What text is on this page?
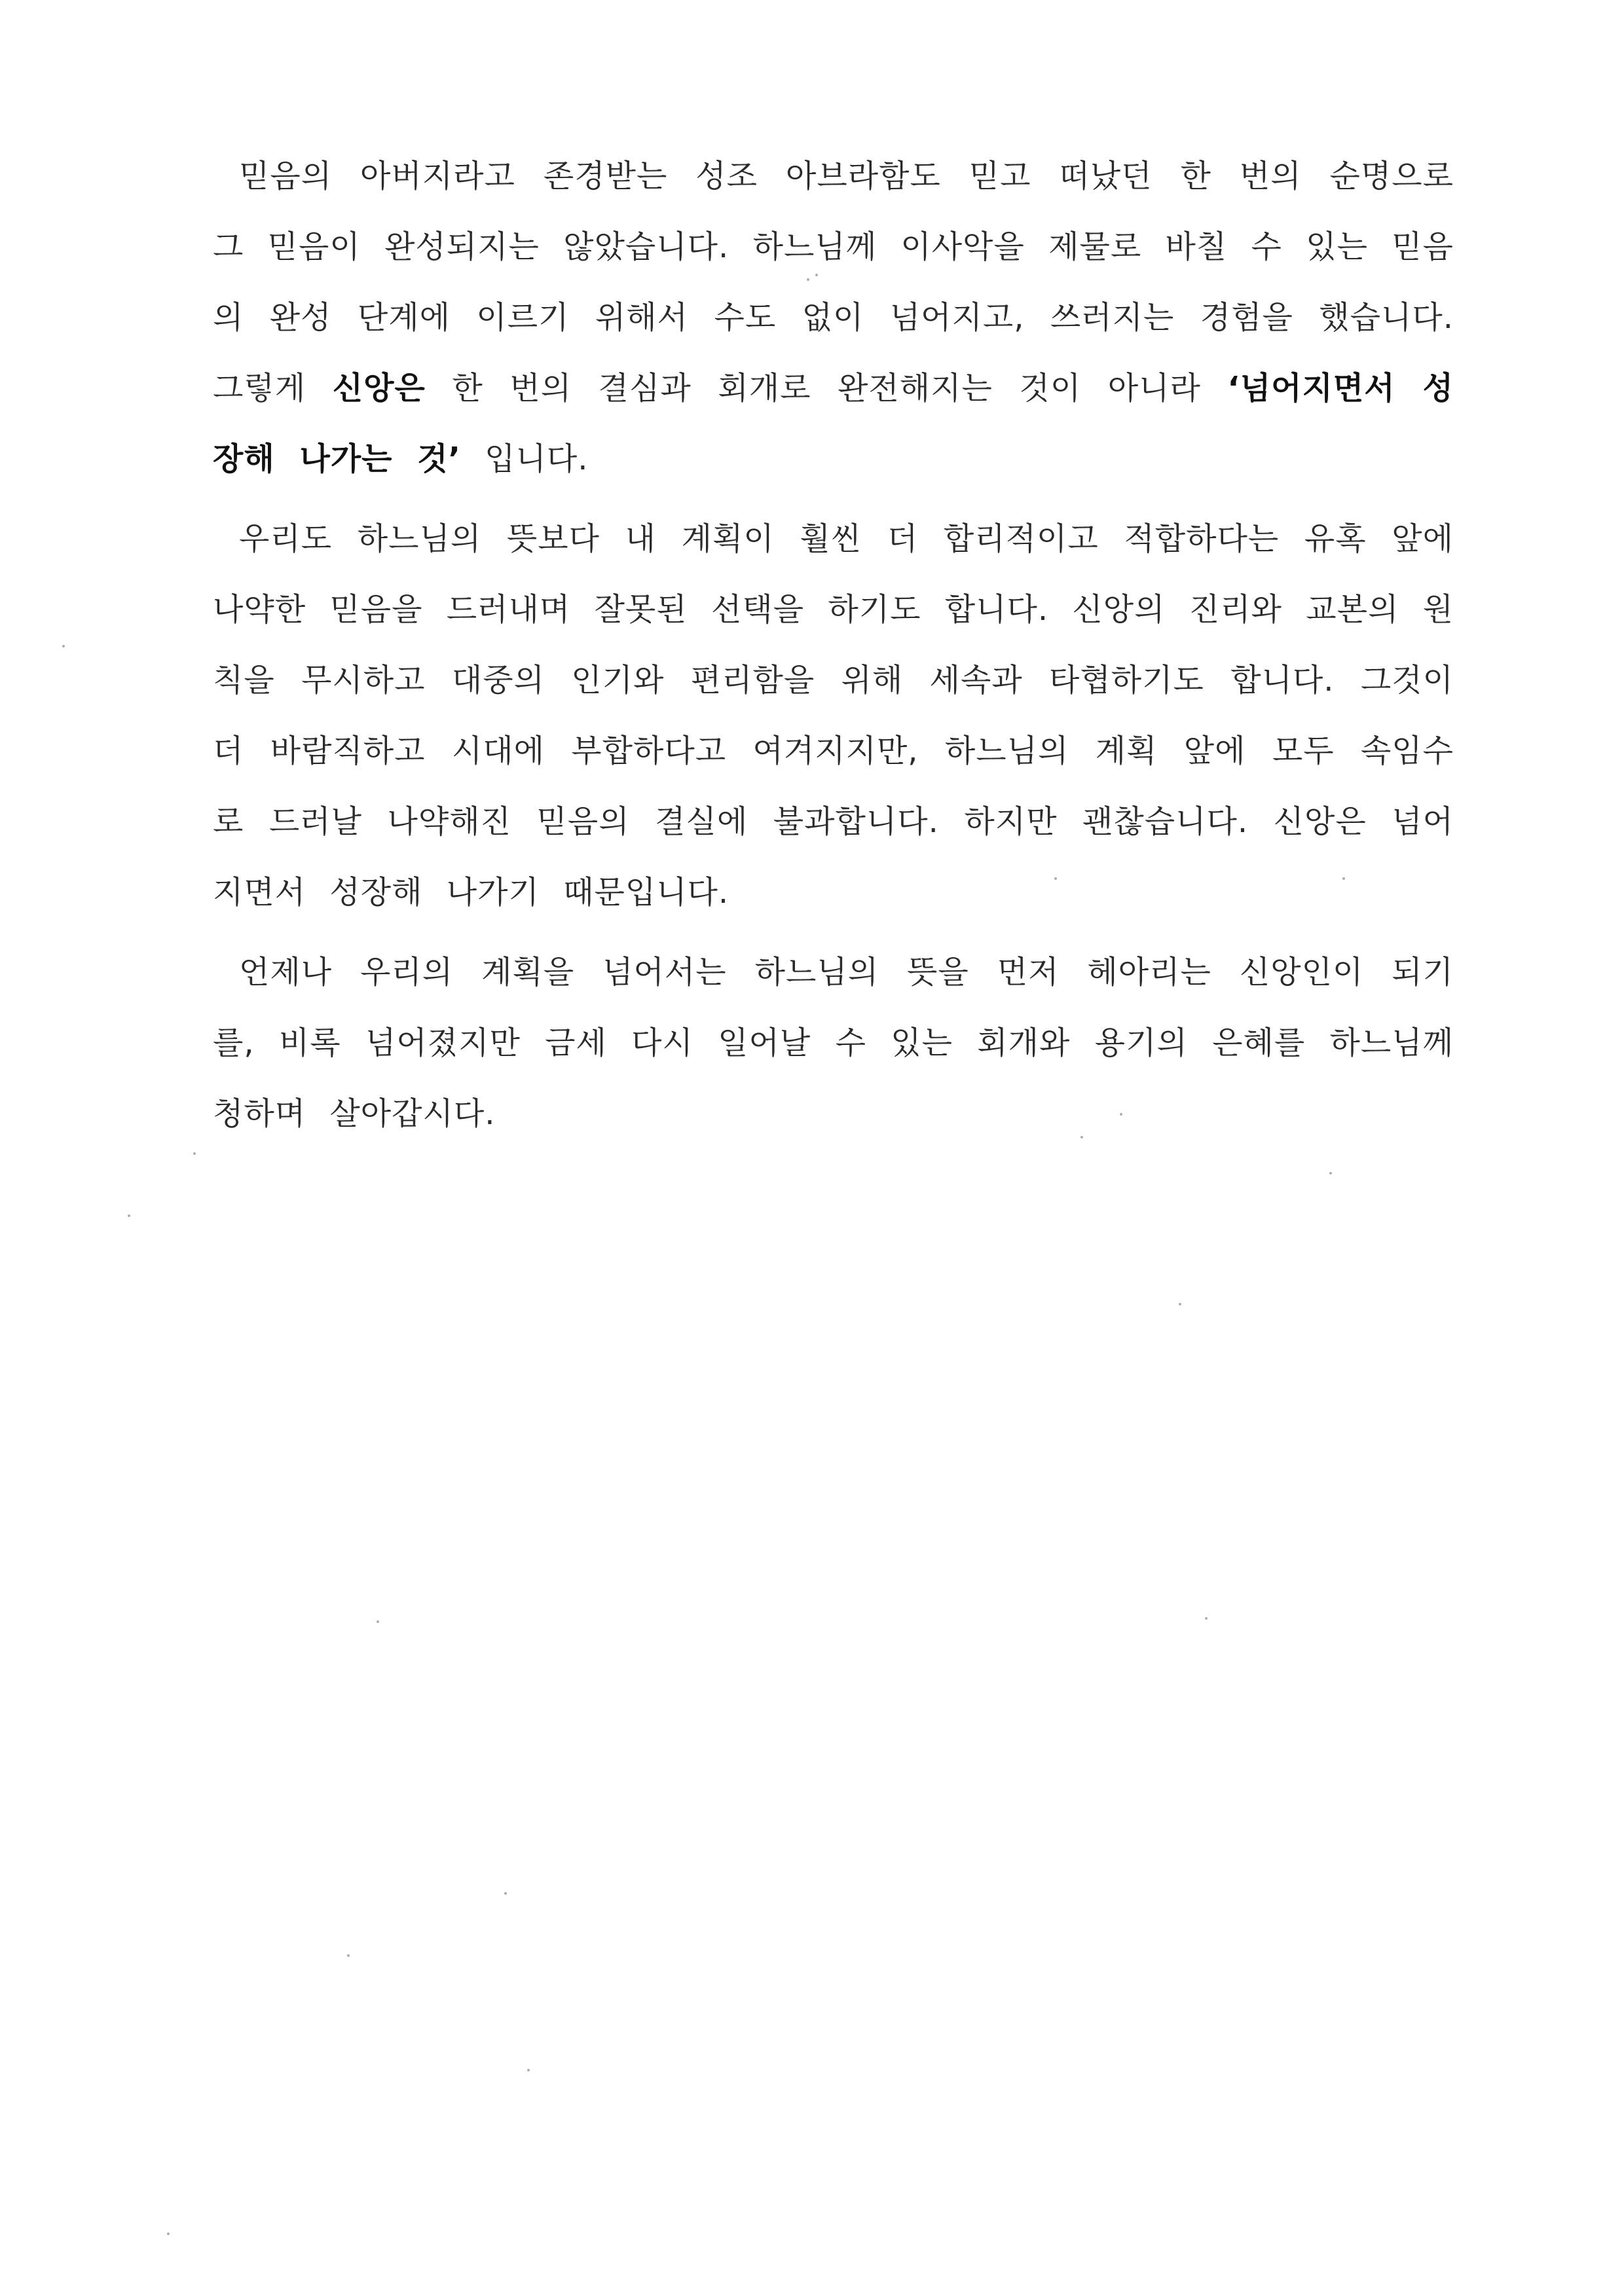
믿음의 아버지라고 존경받는 성조 아브라함도 믿고 떠났던 한 번의 순명으로 그 믿음이 완성되지는 않았습니다. 하느님께 이사악을 제물로 바칠 수 있는 믿음의 완성 단계에 이르기 위해서 수도 없이 넘어지고, 쓰러지는 경험을 했습니다. 그렇게 신앙은 한 번의 결심과 회개로 완전해지는 것이 아니라 ‘넘어지면서 성장해 나가는 것’ 입니다.

우리도 하느님의 뜻보다 내 계획이 훨씬 더 합리적이고 적합하다는 유혹 앞에 나약한 믿음을 드러내며 잘못된 선택을 하기도 합니다. 신앙의 진리와 교본의 원칙을 무시하고 대중의 인기와 편리함을 위해 세속과 타협하기도 합니다. 그것이 더 바람직하고 시대에 부합하다고 여겨지지만, 하느님의 계획 앞에 모두 속임수로 드러날 나약해진 믿음의 결실에 불과합니다. 하지만 괜찮습니다. 신앙은 넘어지면서 성장해 나가기 때문입니다.

언제나 우리의 계획을 넘어서는 하느님의 뜻을 먼저 헤아리는 신앙인이 되기를, 비록 넘어졌지만 금세 다시 일어날 수 있는 회개와 용기의 은혜를 하느님께 청하며 살아갑시다.
